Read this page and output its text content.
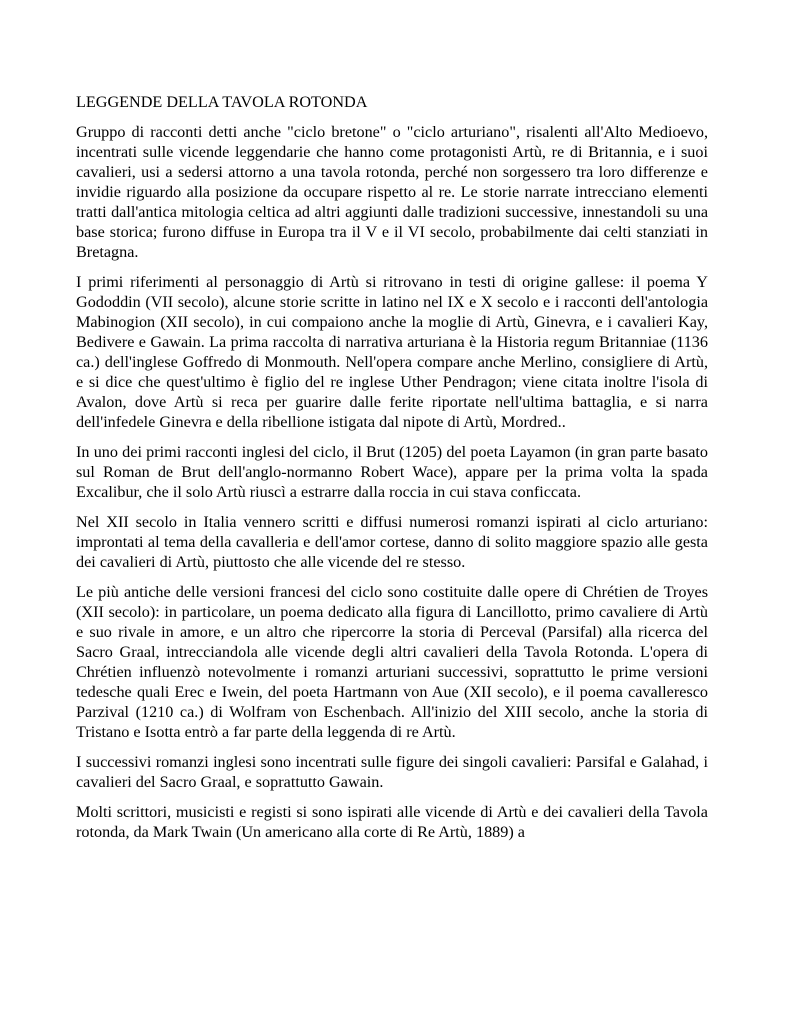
LEGGENDE DELLA TAVOLA ROTONDA

Gruppo di racconti detti anche "ciclo bretone" o "ciclo arturiano", risalenti all'Alto Medioevo, incentrati sulle vicende leggendarie che hanno come protagonisti Artù, re di Britannia, e i suoi cavalieri, usi a sedersi attorno a una tavola rotonda, perché non sorgessero tra loro differenze e invidie riguardo alla posizione da occupare rispetto al re. Le storie narrate intrecciano elementi tratti dall'antica mitologia celtica ad altri aggiunti dalle tradizioni successive, innestandoli su una base storica; furono diffuse in Europa tra il V e il VI secolo, probabilmente dai celti stanziati in Bretagna.

I primi riferimenti al personaggio di Artù si ritrovano in testi di origine gallese: il poema Y Gododdin (VII secolo), alcune storie scritte in latino nel IX e X secolo e i racconti dell'antologia Mabinogion (XII secolo), in cui compaiono anche la moglie di Artù, Ginevra, e i cavalieri Kay, Bedivere e Gawain. La prima raccolta di narrativa arturiana è la Historia regum Britanniae (1136 ca.) dell'inglese Goffredo di Monmouth. Nell'opera compare anche Merlino, consigliere di Artù, e si dice che quest'ultimo è figlio del re inglese Uther Pendragon; viene citata inoltre l'isola di Avalon, dove Artù si reca per guarire dalle ferite riportate nell'ultima battaglia, e si narra dell'infedele Ginevra e della ribellione istigata dal nipote di Artù, Mordred..

In uno dei primi racconti inglesi del ciclo, il Brut (1205) del poeta Layamon (in gran parte basato sul Roman de Brut dell'anglo-normanno Robert Wace), appare per la prima volta la spada Excalibur, che il solo Artù riuscì a estrarre dalla roccia in cui stava conficcata.

Nel XII secolo in Italia vennero scritti e diffusi numerosi romanzi ispirati al ciclo arturiano: improntati al tema della cavalleria e dell'amor cortese, danno di solito maggiore spazio alle gesta dei cavalieri di Artù, piuttosto che alle vicende del re stesso.

Le più antiche delle versioni francesi del ciclo sono costituite dalle opere di Chrétien de Troyes (XII secolo): in particolare, un poema dedicato alla figura di Lancillotto, primo cavaliere di Artù e suo rivale in amore, e un altro che ripercorre la storia di Perceval (Parsifal) alla ricerca del Sacro Graal, intrecciandola alle vicende degli altri cavalieri della Tavola Rotonda. L'opera di Chrétien influenzò notevolmente i romanzi arturiani successivi, soprattutto le prime versioni tedesche quali Erec e Iwein, del poeta Hartmann von Aue (XII secolo), e il poema cavalleresco Parzival (1210 ca.) di Wolfram von Eschenbach. All'inizio del XIII secolo, anche la storia di Tristano e Isotta entrò a far parte della leggenda di re Artù.

I successivi romanzi inglesi sono incentrati sulle figure dei singoli cavalieri: Parsifal e Galahad, i cavalieri del Sacro Graal, e soprattutto Gawain.

Molti scrittori, musicisti e registi si sono ispirati alle vicende di Artù e dei cavalieri della Tavola rotonda, da Mark Twain (Un americano alla corte di Re Artù, 1889) a
